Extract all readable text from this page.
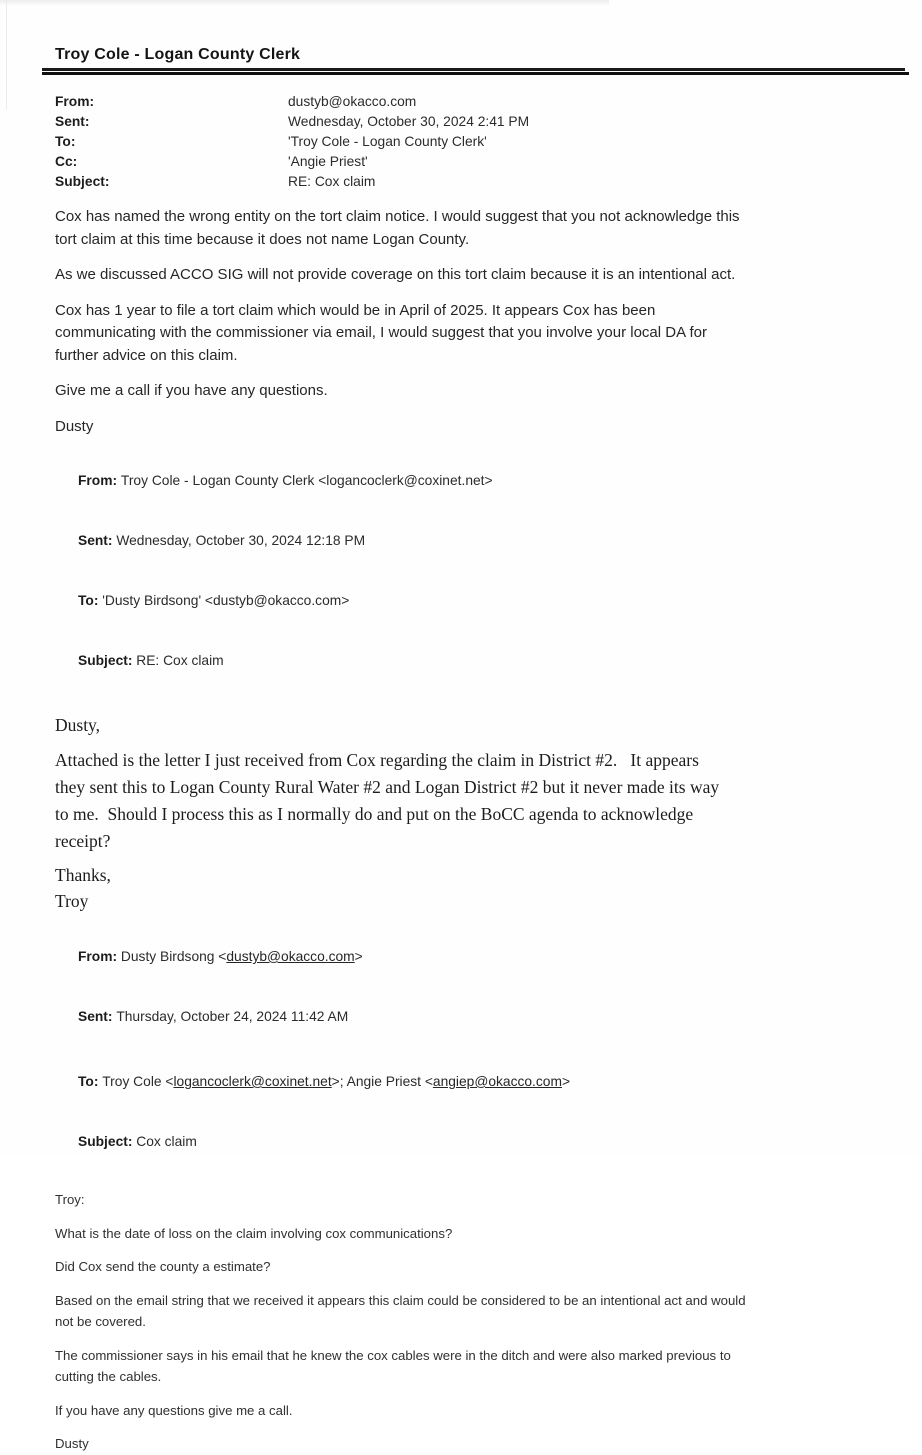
Troy Cole - Logan County Clerk
From:	dustyb@okacco.com
Sent:	Wednesday, October 30, 2024 2:41 PM
To:	'Troy Cole - Logan County Clerk'
Cc:	'Angie Priest'
Subject:	RE: Cox claim

Cox has named the wrong entity on the tort claim notice. I would suggest that you not acknowledge this
tort claim at this time because it does not name Logan County.

As we discussed ACCO SIG will not provide coverage on this tort claim because it is an intentional act.

Cox has 1 year to file a tort claim which would be in April of 2025. It appears Cox has been
communicating with the commissioner via email, I would suggest that you involve your local DA for
further advice on this claim.

Give me a call if you have any questions.

Dusty

From: Troy Cole - Logan County Clerk <logancoclerk@coxinet.net>

Sent: Wednesday, October 30, 2024 12:18 PM

To: 'Dusty Birdsong' <dustyb@okacco.com>

Subject: RE: Cox claim

Dusty,

Attached is the letter I just received from Cox regarding the claim in District #2.   It appears
they sent this to Logan County Rural Water #2 and Logan District #2 but it never made its way
to me.  Should I process this as I normally do and put on the BoCC agenda to acknowledge
receipt?

Thanks,
Troy

From: Dusty Birdsong <dustyb@okacco.com>

Sent: Thursday, October 24, 2024 11:42 AM

To: Troy Cole <logancoclerk@coxinet.net>; Angie Priest <angiep@okacco.com>

Subject: Cox claim

Troy:

What is the date of loss on the claim involving cox communications?

Did Cox send the county a estimate?

Based on the email string that we received it appears this claim could be considered to be an intentional act and would
not be covered.

The commissioner says in his email that he knew the cox cables were in the ditch and were also marked previous to
cutting the cables.

If you have any questions give me a call.

Dusty
